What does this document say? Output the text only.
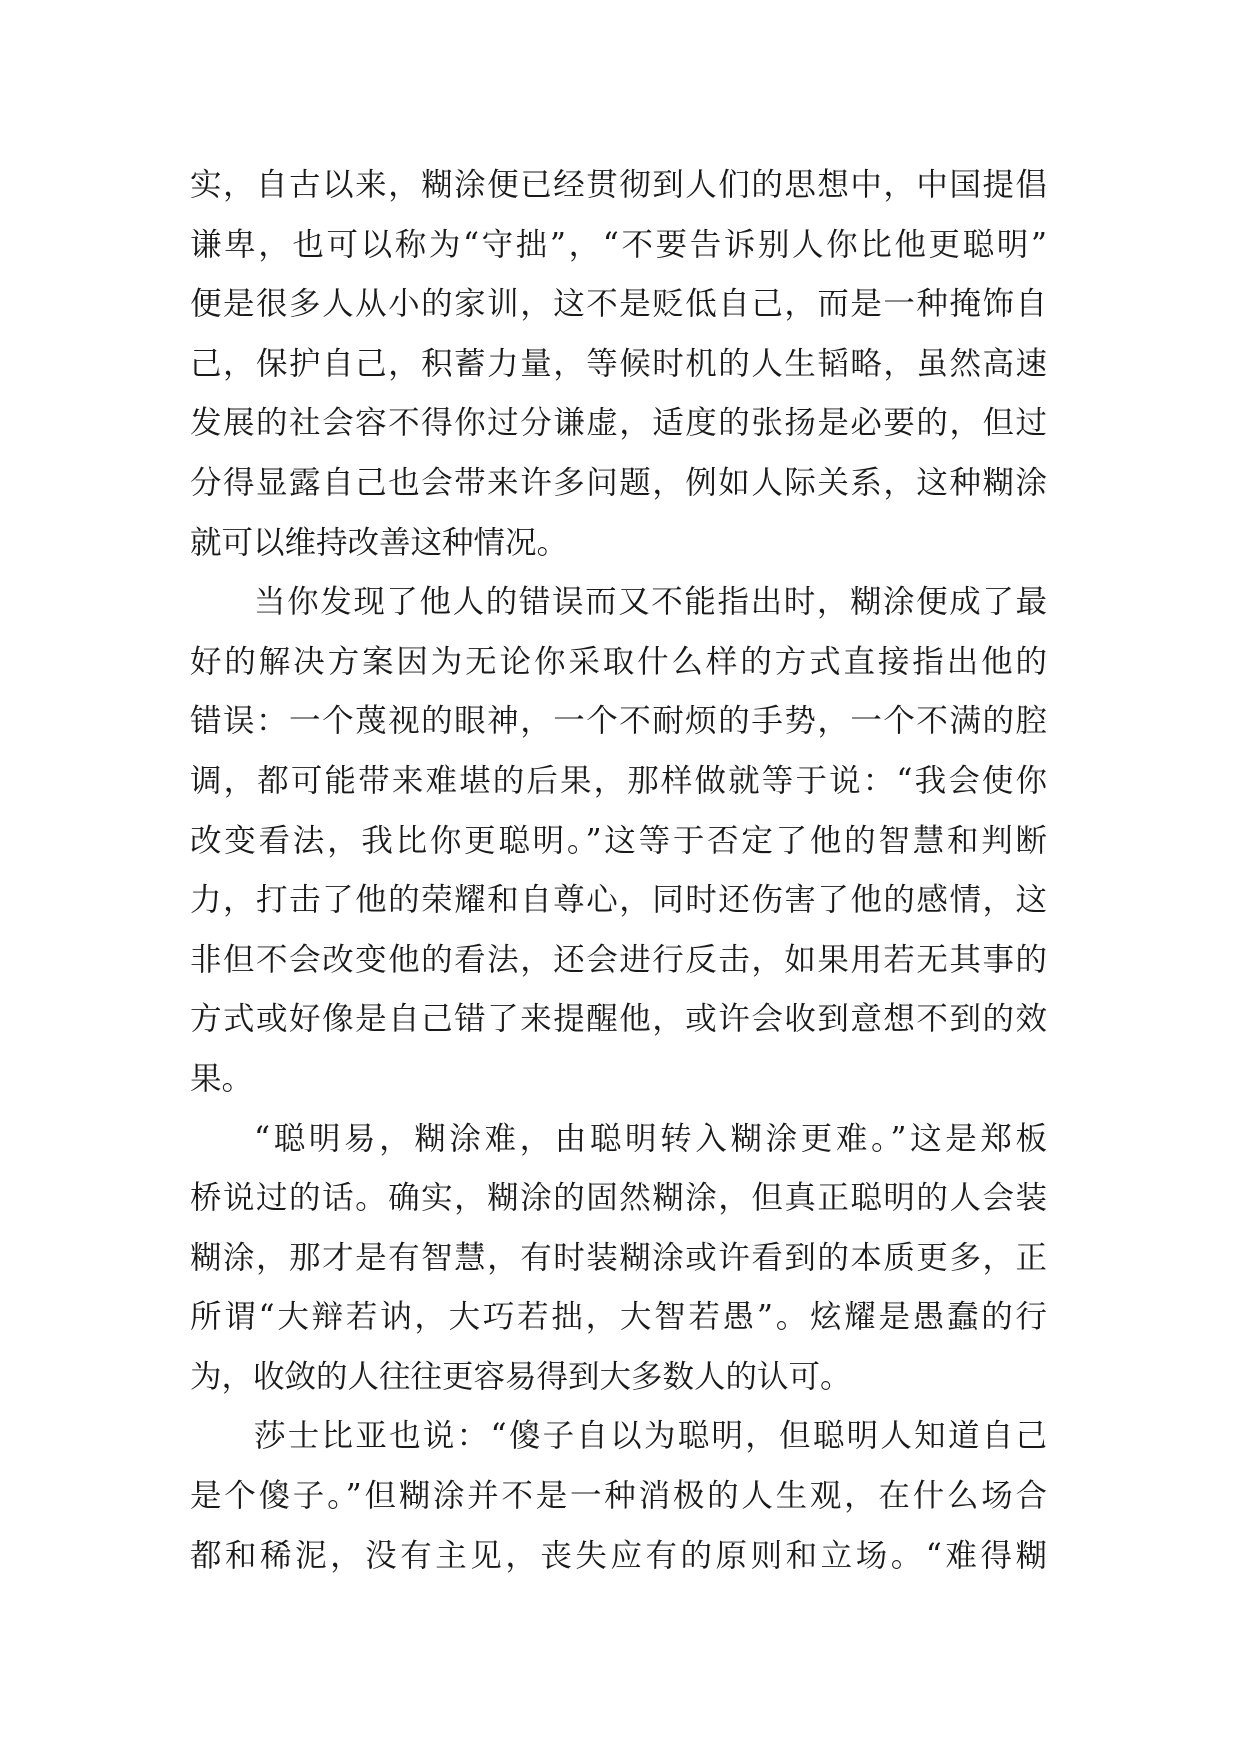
实，自古以来，糊涂便已经贯彻到人们的思想中，中国提倡
谦卑，也可以称为“守拙”，“不要告诉别人你比他更聪明”
便是很多人从小的家训，这不是贬低自己，而是一种掩饰自
己，保护自己，积蓄力量，等候时机的人生韬略，虽然高速
发展的社会容不得你过分谦虚，适度的张扬是必要的，但过
分得显露自己也会带来许多问题，例如人际关系，这种糊涂
就可以维持改善这种情况。
当你发现了他人的错误而又不能指出时，糊涂便成了最
好的解决方案因为无论你采取什么样的方式直接指出他的
错误：一个蔑视的眼神，一个不耐烦的手势，一个不满的腔
调，都可能带来难堪的后果，那样做就等于说：“我会使你
改变看法，我比你更聪明。”这等于否定了他的智慧和判断
力，打击了他的荣耀和自尊心，同时还伤害了他的感情，这
非但不会改变他的看法，还会进行反击，如果用若无其事的
方式或好像是自己错了来提醒他，或许会收到意想不到的效
果。
“聪明易，糊涂难，由聪明转入糊涂更难。”这是郑板
桥说过的话。确实，糊涂的固然糊涂，但真正聪明的人会装
糊涂，那才是有智慧，有时装糊涂或许看到的本质更多，正
所谓“大辩若讷，大巧若拙，大智若愚”。炫耀是愚蠢的行
为，收敛的人往往更容易得到大多数人的认可。
莎士比亚也说：“傻子自以为聪明，但聪明人知道自己
是个傻子。”但糊涂并不是一种消极的人生观，在什么场合
都和稀泥，没有主见，丧失应有的原则和立场。“难得糊
